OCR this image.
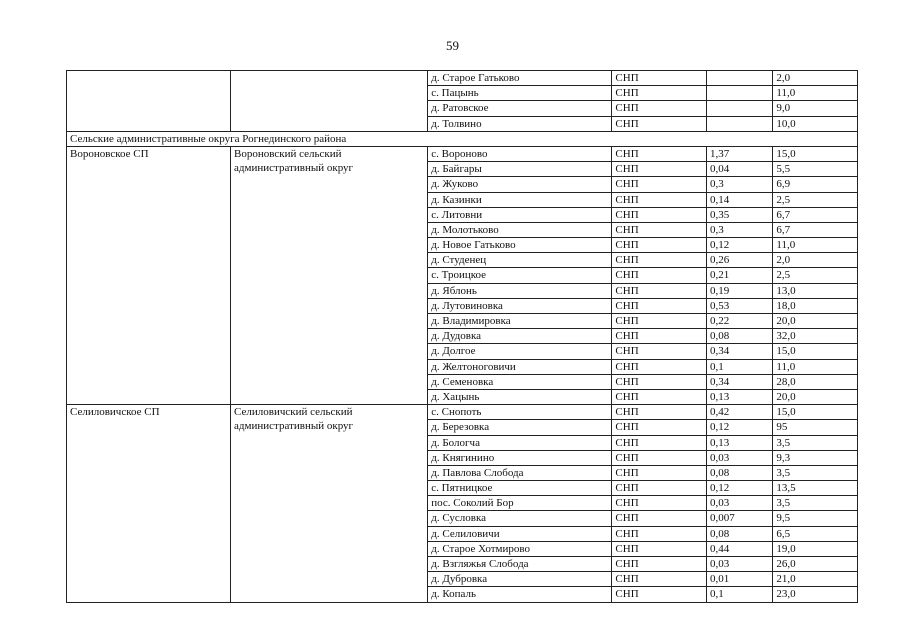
59
		д. Старое Гатьково	СНП		2,0
		с. Пацынь	СНП		11,0
		д. Ратовское	СНП		9,0
		д. Толвино	СНП		10,0
Сельские административные округа Рогнединского района					
Вороновское СП	Вороновский сельский административный округ	с. Вороново	СНП	1,37	15,0
		д. Байгары	СНП	0,04	5,5
		д. Жуково	СНП	0,3	6,9
		д. Казинки	СНП	0,14	2,5
		с. Литовни	СНП	0,35	6,7
		д. Молотьково	СНП	0,3	6,7
		д. Новое Гатьково	СНП	0,12	11,0
		д. Студенец	СНП	0,26	2,0
		с. Троицкое	СНП	0,21	2,5
		д. Яблонь	СНП	0,19	13,0
		д. Лутовиновка	СНП	0,53	18,0
		д. Владимировка	СНП	0,22	20,0
		д. Дудовка	СНП	0,08	32,0
		д. Долгое	СНП	0,34	15,0
		д. Желтоноговичи	СНП	0,1	11,0
		д. Семеновка	СНП	0,34	28,0
		д. Хацынь	СНП	0,13	20,0
Селиловичское СП	Селиловичский сельский административный округ	с. Снопоть	СНП	0,42	15,0
		д. Березовка	СНП	0,12	95
		д. Бологча	СНП	0,13	3,5
		д. Княгинино	СНП	0,03	9,3
		д. Павлова Слобода	СНП	0,08	3,5
		с. Пятницкое	СНП	0,12	13,5
		пос. Соколий Бор	СНП	0,03	3,5
		д. Сусловка	СНП	0,007	9,5
		д. Селиловичи	СНП	0,08	6,5
		д. Старое Хотмирово	СНП	0,44	19,0
		д. Взгляжья Слобода	СНП	0,03	26,0
		д. Дубровка	СНП	0,01	21,0
		д. Копаль	СНП	0,1	23,0
